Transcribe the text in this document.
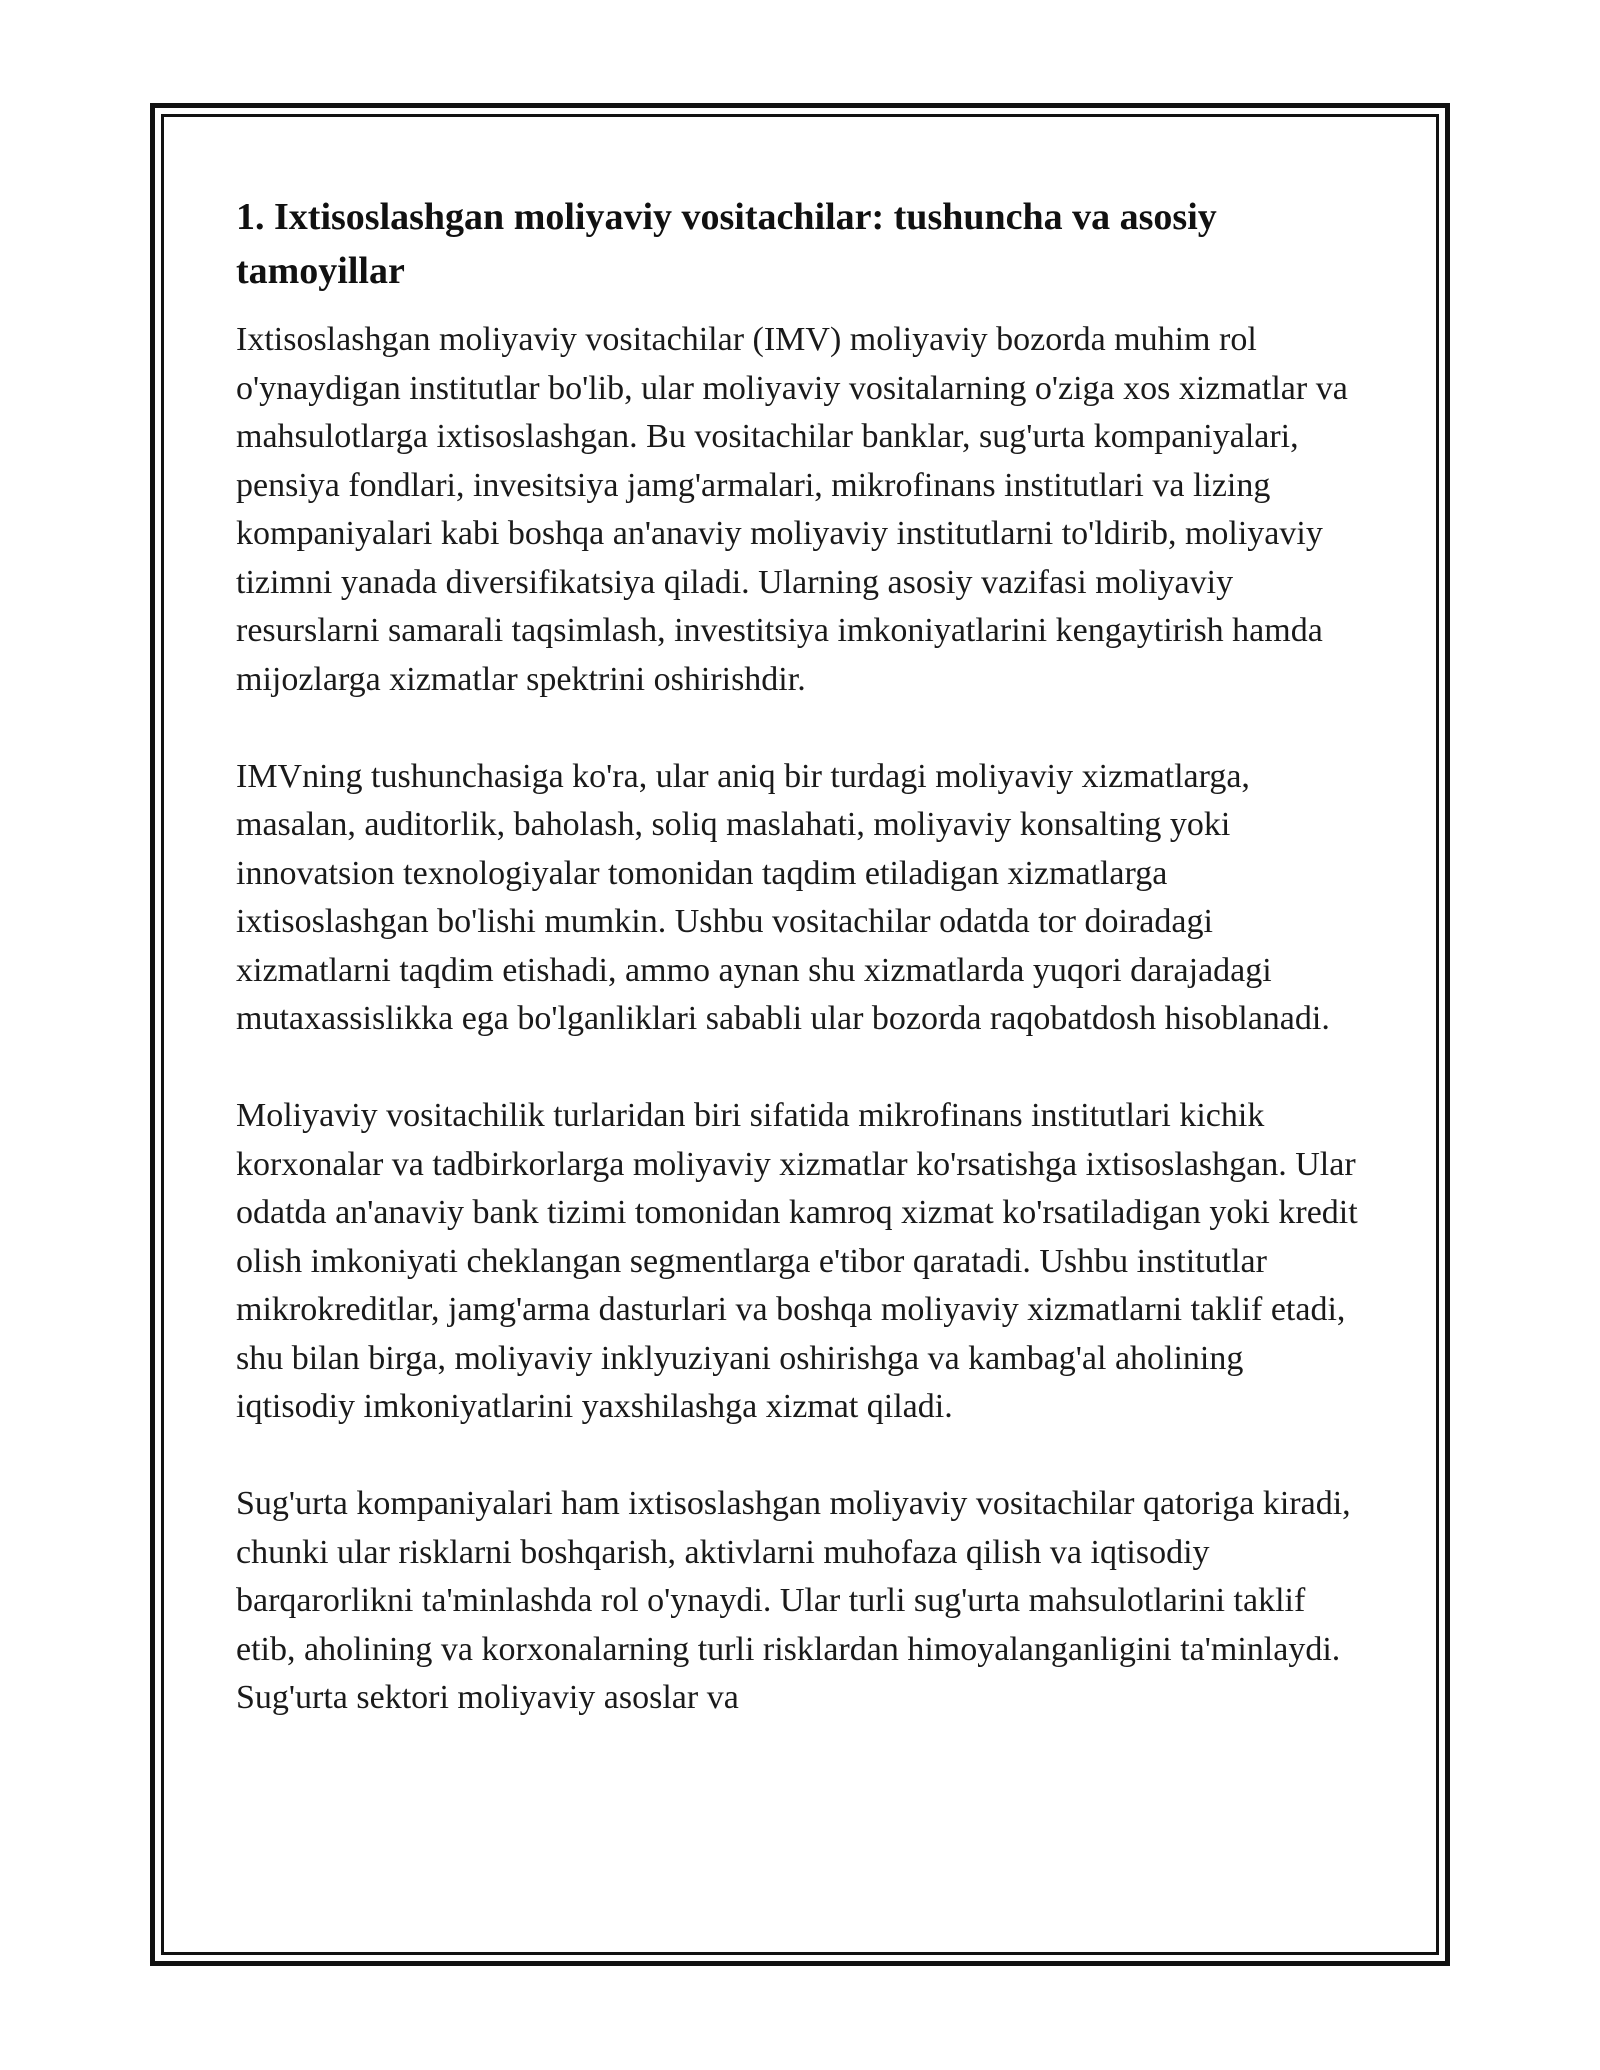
1. Ixtisoslashgan moliyaviy vositachilar: tushuncha va asosiy tamoyillar

Ixtisoslashgan moliyaviy vositachilar (IMV) moliyaviy bozorda muhim rol o'ynaydigan institutlar bo'lib, ular moliyaviy vositalarning o'ziga xos xizmatlar va mahsulotlarga ixtisoslashgan. Bu vositachilar banklar, sug'urta kompaniyalari, pensiya fondlari, invesitsiya jamg'armalari, mikrofinans institutlari va lizing kompaniyalari kabi boshqa an'anaviy moliyaviy institutlarni to'ldirib, moliyaviy tizimni yanada diversifikatsiya qiladi. Ularning asosiy vazifasi moliyaviy resurslarni samarali taqsimlash, investitsiya imkoniyatlarini kengaytirish hamda mijozlarga xizmatlar spektrini oshirishdir.

IMVning tushunchasiga ko'ra, ular aniq bir turdagi moliyaviy xizmatlarga, masalan, auditorlik, baholash, soliq maslahati, moliyaviy konsalting yoki innovatsion texnologiyalar tomonidan taqdim etiladigan xizmatlarga ixtisoslashgan bo'lishi mumkin. Ushbu vositachilar odatda tor doiradagi xizmatlarni taqdim etishadi, ammo aynan shu xizmatlarda yuqori darajadagi mutaxassislikka ega bo'lganliklari sababli ular bozorda raqobatdosh hisoblanadi.

Moliyaviy vositachilik turlaridan biri sifatida mikrofinans institutlari kichik korxonalar va tadbirkorlarga moliyaviy xizmatlar ko'rsatishga ixtisoslashgan. Ular odatda an'anaviy bank tizimi tomonidan kamroq xizmat ko'rsatiladigan yoki kredit olish imkoniyati cheklangan segmentlarga e'tibor qaratadi. Ushbu institutlar mikrokreditlar, jamg'arma dasturlari va boshqa moliyaviy xizmatlarni taklif etadi, shu bilan birga, moliyaviy inklyuziyani oshirishga va kambag'al aholining iqtisodiy imkoniyatlarini yaxshilashga xizmat qiladi.

Sug'urta kompaniyalari ham ixtisoslashgan moliyaviy vositachilar qatoriga kiradi, chunki ular risklarni boshqarish, aktivlarni muhofaza qilish va iqtisodiy barqarorlikni ta'minlashda rol o'ynaydi. Ular turli sug'urta mahsulotlarini taklif etib, aholining va korxonalarning turli risklardan himoyalanganligini ta'minlaydi. Sug'urta sektori moliyaviy asoslar va
